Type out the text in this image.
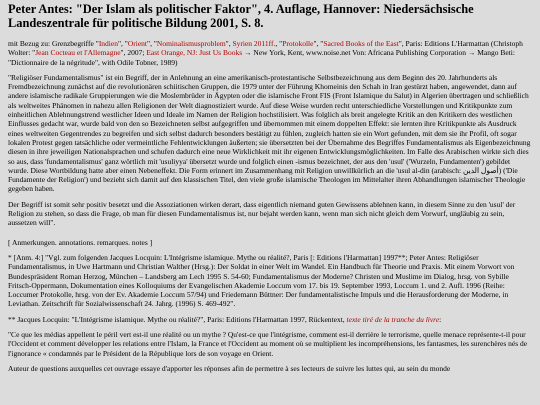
Peter Antes: "Der Islam als politischer Faktor", 4. Auflage, Hannover: Niedersächsische Landeszentrale für politische Bildung 2001, S. 8.

mit Bezug zu: Grenzbegriffe "Indien", "Orient", "Nominalismusproblem", Syrien 2011ff., "Protokolle", "Sacred Books of the East", Paris: Editions L'Harmattan (Christoph Wolter: "Jean Cocteau et l'Allemagne", 2007; East Orange, NJ: Just Us Books → New York, Kent, www.noise.net Von: Africana Publishing Corporation → Mango Beti: "Dictionnaire de la négritude", with Odile Tobner, 1989)

"Religiöser Fundamentalismus" ist ein Begriff, der in Anlehnung an eine amerikanisch-protestantische Selbstbezeichnung aus dem Beginn des 20. Jahrhunderts als Fremdbezeichnung zunächst auf die revolutionären schiitischen Gruppen, die 1979 unter der Führung Khomeinis den Schah in Iran gestürzt haben, angewendet, dann auf andere islamische radikale Gruppierungen wie die Moslembrüder in Ägypten oder die islamische Front FIS (Front Islamique du Salut) in Algerien übertragen und schließlich als weltweites Phänomen in nahezu allen Religionen der Welt diagnostiziert wurde. Auf diese Weise wurden recht unterschiedliche Vorstellungen und Kritikpunkte zum einheitlichen Ablehnungstrend westlicher Ideen und Ideale im Namen der Religion hochstilisiert. Was folglich als breit angelegte Kritik an den Kritikern des westlichen Einflusses gedacht war, wurde bald von den so Bezeichneten selbst aufgegriffen und übernommen mit einem doppelten Effekt: sie lernten ihre Kritikpunkte als Ausdruck eines weltweiten Gegentrendes zu begreifen und sich selbst dadurch besonders bestätigt zu fühlen, zugleich hatten sie ein Wort gefunden, mit dem sie ihr Profil, oft sogar lokalen Protest gegen tatsächliche oder vermeintliche Fehlentwicklungen äußerten; sie übersetzten bei der Übernahme des Begriffes Fundamentalismus als Eigenbezeichnung diesen in ihre jeweiligen Nationalsprachen und schufen dadurch eine neue Wirklichkeit mit ihr eigenen Entwicklungsmöglichkeiten. Im Falle des Arabischen wirkte sich dies so aus, dass 'fundamentalismus' ganz wörtlich mit 'usuliyya' übersetzt wurde und folglich einen -ismus bezeichnet, der aus den 'usul' ('Wurzeln, Fundamenten') gebildet wurde. Diese Wortbildung hatte aber einen Nebeneffekt. Die Form erinnert im Zusammenhang mit Religion unwillkürlich an die 'usul al-din (arabisch: أصول الدين) ('Die Fundamente der Religion') und bezieht sich damit auf den klassischen Titel, den viele große islamische Theologen im Mittelalter ihren Abhandlungen islamischer Theologie gegeben haben.

Der Begriff ist somit sehr positiv besetzt und die Assoziationen wirken derart, dass eigentlich niemand guten Gewissens ablehnen kann, in diesem Sinne zu den 'usul' der Religion zu stehen, so dass die Frage, ob man für diesen Fundamentalismus ist, nur bejaht werden kann, wenn man sich nicht gleich dem Vorwurf, ungläubig zu sein, aussetzen will".

[ Anmerkungen. annotations. remarques. notes ]

* [Anm. 4:] "Vgl. zum folgenden Jacques Locquin: L'Intégrisme islamique. Mythe ou réalité?, Paris [: Editions l'Harmattan] 1997**; Peter Antes: Religiöser Fundamentalismus, in Uwe Hartmann und Christian Walther (Hrsg.): Der Soldat in einer Welt im Wandel. Ein Handbuch für Theorie und Praxis. Mit einem Vorwort von Bundespräsident Roman Herzog, München – Landsberg am Lech 1995 S. 54-60; Fundamentalismus der Moderne? Christen und Muslime im Dialog, hrsg. von Sybille Fritsch-Oppermann, Dokumentation eines Kolloquiums der Evangelischen Akademie Loccum vom 17. bis 19. September 1993, Loccum 1. und 2. Aufl. 1996 (Reihe: Loccumer Protokolle, hrsg. von der Ev. Akademie Loccum 57/94) und Friedemann Büttner: Der fundamentalistische Impuls und die Herausforderung der Moderne, in Leviathan. Zeitschrift für Sozialwissenschaft 24. Jahrg. (1996) S. 469-492".

** Jacques Locquin: "L'Intégrisme islamique. Mythe ou réalité?", Paris: Editions l'Harmattan 1997, Rückentext, texte tiré de la tranche du livre:

"Ce que les médias appellent le péril vert est-il une réalité ou un mythe ? Qu'est-ce que l'intégrisme, comment est-il derrière le terrorisme, quelle menace représente-t-il pour l'Occident et comment développer les relations entre l'Islam, la France et l'Occident au moment où se multiplient les incompréhensions, les fantasmes, les surenchères nés de l'ignorance « condamnés par le Président de la République lors de son voyage en Orient.

Auteur de questions auxquelles cet ouvrage essaye d'apporter les réponses afin de permettre à ses lecteurs de suivre les luttes qui, au sein du monde
